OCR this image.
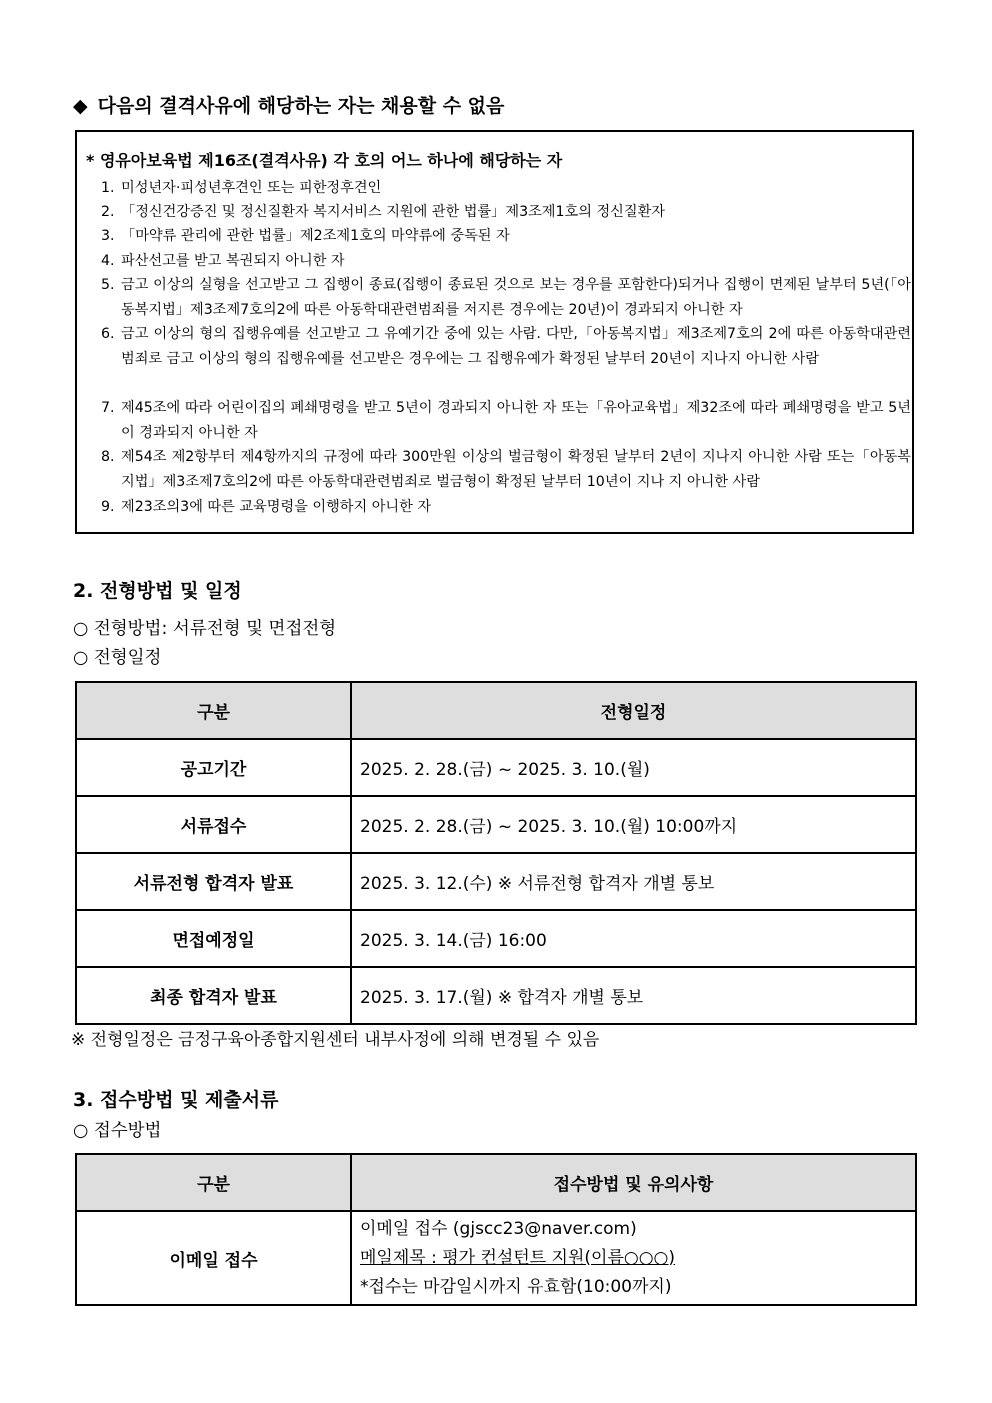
◆ 다음의 결격사유에 해당하는 자는 채용할 수 없음
* 영유아보육법 제16조(결격사유) 각 호의 어느 하나에 해당하는 자
1. 미성년자·피성년후견인 또는 피한정후견인
2. 「정신건강증진 및 정신질환자 복지서비스 지원에 관한 법률」제3조제1호의 정신질환자
3. 「마약류 관리에 관한 법률」제2조제1호의 마약류에 중독된 자
4. 파산선고를 받고 복권되지 아니한 자
5. 금고 이상의 실형을 선고받고 그 집행이 종료(집행이 종료된 것으로 보는 경우를 포함한다)되거나 집행이 면제된 날부터 5년(「아동복지법」제3조제7호의2에 따른 아동학대관련범죄를 저지른 경우에는 20년)이 경과되지 아니한 자
6. 금고 이상의 형의 집행유예를 선고받고 그 유예기간 중에 있는 사람. 다만,「아동복지법」제3조제7호의 2에 따른 아동학대관련범죄로 금고 이상의 형의 집행유예를 선고받은 경우에는 그 집행유예가 확정된 날부터 20년이 지나지 아니한 사람
7. 제45조에 따라 어린이집의 폐쇄명령을 받고 5년이 경과되지 아니한 자 또는「유아교육법」제32조에 따라 폐쇄명령을 받고 5년이 경과되지 아니한 자
8. 제54조 제2항부터 제4항까지의 규정에 따라 300만원 이상의 벌금형이 확정된 날부터 2년이 지나지 아니한 사람 또는「아동복지법」제3조제7호의2에 따른 아동학대관련범죄로 벌금형이 확정된 날부터 10년이 지나 지 아니한 사람
9. 제23조의3에 따른 교육명령을 이행하지 아니한 자
2. 전형방법 및 일정
○ 전형방법: 서류전형 및 면접전형
○ 전형일정
구분	전형일정
공고기간	2025. 2. 28.(금) ~ 2025. 3. 10.(월)
서류접수	2025. 2. 28.(금) ~ 2025. 3. 10.(월) 10:00까지
서류전형 합격자 발표	2025. 3. 12.(수) ※ 서류전형 합격자 개별 통보
면접예정일	2025. 3. 14.(금) 16:00
최종 합격자 발표	2025. 3. 17.(월) ※ 합격자 개별 통보
※ 전형일정은 금정구육아종합지원센터 내부사정에 의해 변경될 수 있음
3. 접수방법 및 제출서류
○ 접수방법
구분	접수방법 및 유의사항
이메일 접수	이메일 접수 (gjscc23@naver.com)
메일제목 : 평가 컨설턴트 지원(이름○○○)
*접수는 마감일시까지 유효함(10:00까지)
